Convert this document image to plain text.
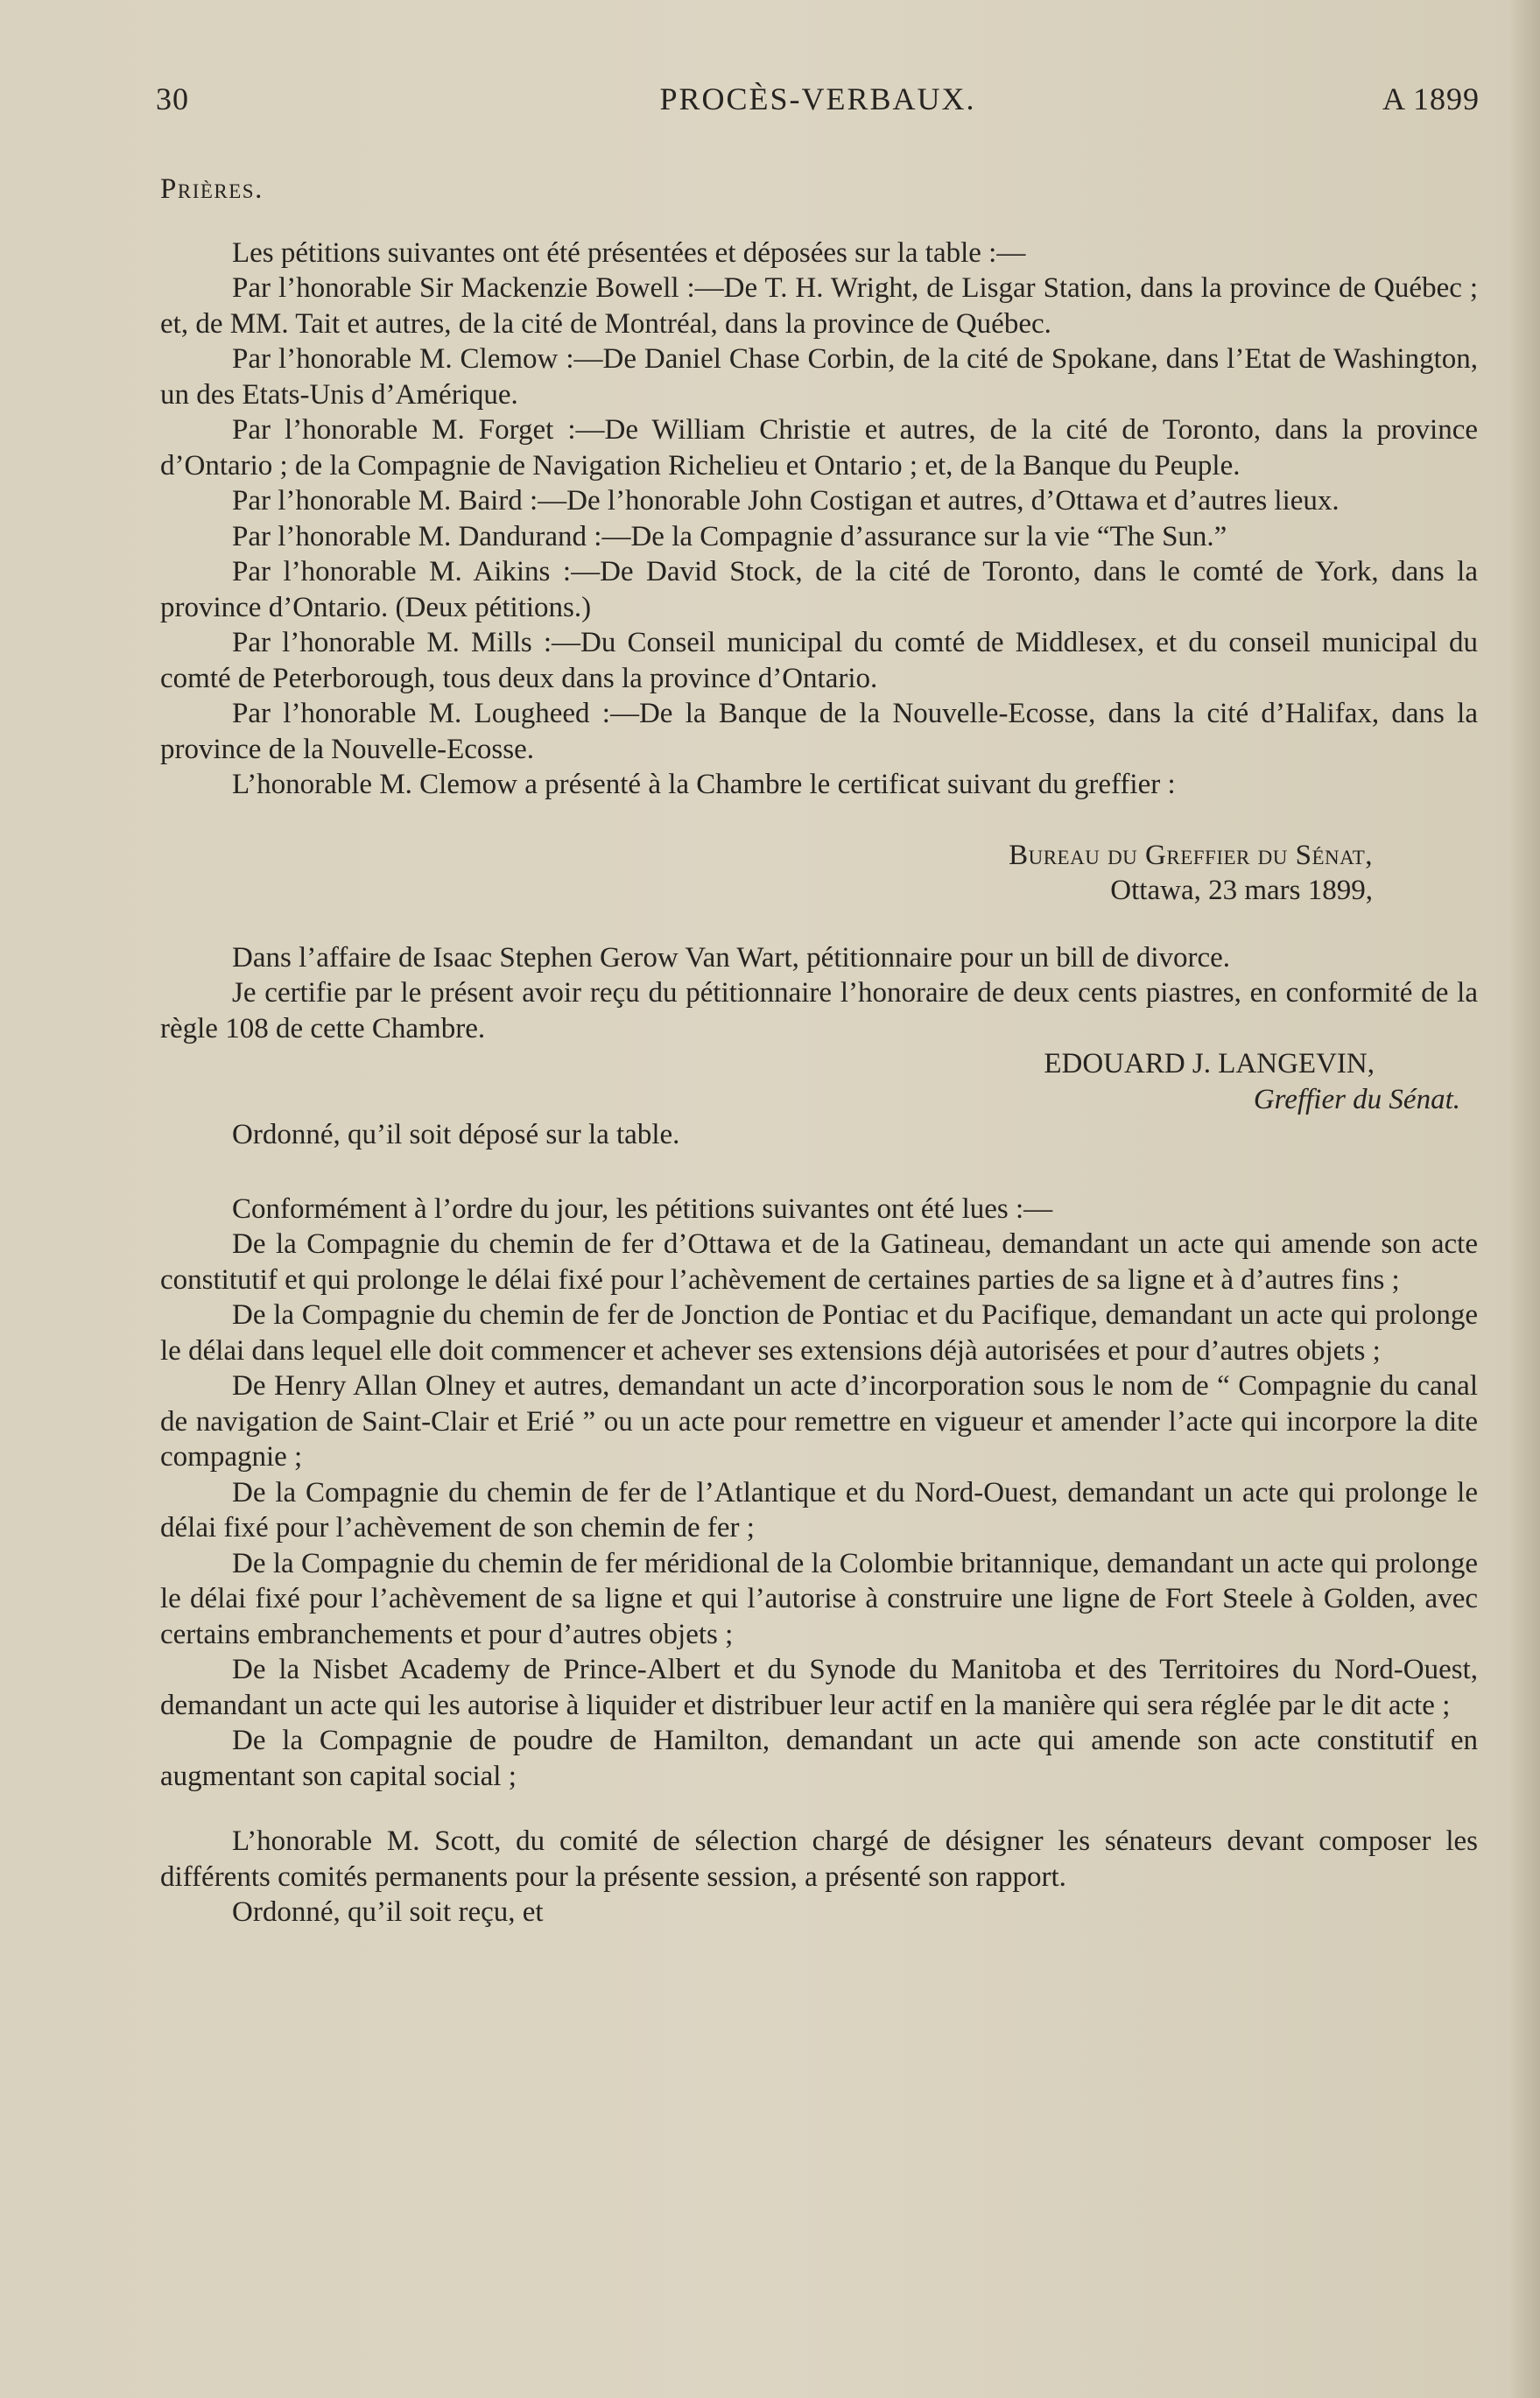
30	PROCÈS-VERBAUX.	A 1899

Prières.

Les pétitions suivantes ont été présentées et déposées sur la table :—

Par l’honorable Sir Mackenzie Bowell :—De T. H. Wright, de Lisgar Station, dans la province de Québec ; et, de MM. Tait et autres, de la cité de Montréal, dans la province de Québec.

Par l’honorable M. Clemow :—De Daniel Chase Corbin, de la cité de Spokane, dans l’Etat de Washington, un des Etats-Unis d’Amérique.

Par l’honorable M. Forget :—De William Christie et autres, de la cité de Toronto, dans la province d’Ontario ; de la Compagnie de Navigation Richelieu et Ontario ; et, de la Banque du Peuple.

Par l’honorable M. Baird :—De l’honorable John Costigan et autres, d’Ottawa et d’autres lieux.

Par l’honorable M. Dandurand :—De la Compagnie d’assurance sur la vie “The Sun.”

Par l’honorable M. Aikins :—De David Stock, de la cité de Toronto, dans le comté de York, dans la province d’Ontario. (Deux pétitions.)

Par l’honorable M. Mills :—Du Conseil municipal du comté de Middlesex, et du conseil municipal du comté de Peterborough, tous deux dans la province d’Ontario.

Par l’honorable M. Lougheed :—De la Banque de la Nouvelle-Ecosse, dans la cité d’Halifax, dans la province de la Nouvelle-Ecosse.

L’honorable M. Clemow a présenté à la Chambre le certificat suivant du greffier :

Bureau du Greffier du Sénat,

Ottawa, 23 mars 1899,

Dans l’affaire de Isaac Stephen Gerow Van Wart, pétitionnaire pour un bill de divorce.

Je certifie par le présent avoir reçu du pétitionnaire l’honoraire de deux cents piastres, en conformité de la règle 108 de cette Chambre.

EDOUARD J. LANGEVIN,

Greffier du Sénat.

Ordonné, qu’il soit déposé sur la table.

Conformément à l’ordre du jour, les pétitions suivantes ont été lues :—

De la Compagnie du chemin de fer d’Ottawa et de la Gatineau, demandant un acte qui amende son acte constitutif et qui prolonge le délai fixé pour l’achèvement de certaines parties de sa ligne et à d’autres fins ;

De la Compagnie du chemin de fer de Jonction de Pontiac et du Pacifique, demandant un acte qui prolonge le délai dans lequel elle doit commencer et achever ses extensions déjà autorisées et pour d’autres objets ;

De Henry Allan Olney et autres, demandant un acte d’incorporation sous le nom de “ Compagnie du canal de navigation de Saint-Clair et Erié ” ou un acte pour remettre en vigueur et amender l’acte qui incorpore la dite compagnie ;

De la Compagnie du chemin de fer de l’Atlantique et du Nord-Ouest, demandant un acte qui prolonge le délai fixé pour l’achèvement de son chemin de fer ;

De la Compagnie du chemin de fer méridional de la Colombie britannique, demandant un acte qui prolonge le délai fixé pour l’achèvement de sa ligne et qui l’autorise à construire une ligne de Fort Steele à Golden, avec certains embranchements et pour d’autres objets ;

De la Nisbet Academy de Prince-Albert et du Synode du Manitoba et des Territoires du Nord-Ouest, demandant un acte qui les autorise à liquider et distribuer leur actif en la manière qui sera réglée par le dit acte ;

De la Compagnie de poudre de Hamilton, demandant un acte qui amende son acte constitutif en augmentant son capital social ;

L’honorable M. Scott, du comité de sélection chargé de désigner les sénateurs devant composer les différents comités permanents pour la présente session, a présenté son rapport.

Ordonné, qu’il soit reçu, et
